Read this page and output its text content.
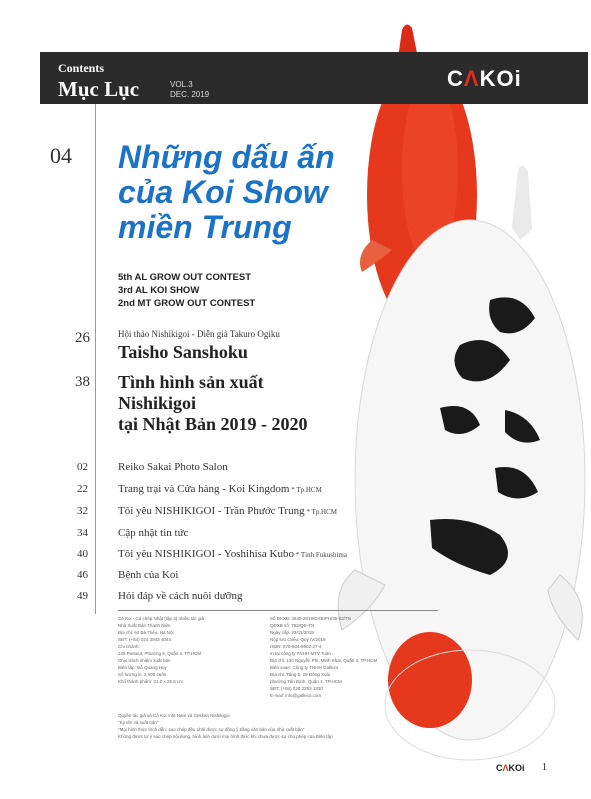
Contents
Mục Lục	VOL.3
DEC. 2019
CɅKOi
04 Những dấu ấn
của Koi Show
miền Trung
5th AL GROW OUT CONTEST
3rd AL KOI SHOW
2nd MT GROW OUT CONTEST
26	Hội thảo Nishikigoi - Diễn giả Takuro Ogiku
Taisho Sanshoku
38 Tình hình sản xuất
Nishikigoi
tại Nhật Bản 2019 - 2020
02	Reiko Sakai Photo Salon
22	Trang trại và Cửa hàng - Koi Kingdom * Tp.HCM
32	Tôi yêu NISHIKIGOI - Trần Phước Trung * Tp.HCM
34	Cập nhật tin tức
40	Tôi yêu NISHIKIGOI - Yoshihisa Kubo * Tỉnh Fukushima
46	Bệnh của Koi
49	Hỏi đáp về cách nuôi dưỡng
Cá Koi - Cá chép Nhật (tập 3) nhiều tác giả
Nhà Xuất Bản Thanh Niên
Địa chỉ: 64 Bà Triệu, Hà Nội
SĐT: (+84) 024 3943 4044
Chi nhánh:
145 Pasteur, Phường 6, Quận 3, TP.HCM
Chịu trách nhiệm xuất bản
Biên tập: Đỗ Quang Huy
Số lượng in: 2 000 cuốn
Khổ thành phẩm: 21.0 x 28.5 cm
Số ĐKXB: 4549-2019/CXBIPH/35-63/TN
QĐXB số: 762/QĐ-TN
Ngày cấp: 22/11/2019
Nộp lưu chiểu: Quý IV/2019
ISBN: 978-604-9902-27-4
In tại công ty TNHH MTV Toàn
Địa chỉ: 130 Nguyễn Phi, Minh Khai, Quận 3, TP.HCM
Biên soạn: Công ty TNHH Gallexo
Địa chỉ: Tầng 5, 29 Đồng Xoài
phường Tân Định, Quận 1, TP.HCM
SĐT: (+84) 028 2253 1330
E-mail: info@gallexo.com
Quyền tác giả và Cá Koi Việt Nam và Gekkan Nishikigoi
"Ký tên và xuất bản"
"Mọi hình thức trích dẫn, sao chép đều phải được sự đồng ý bằng văn bản của nhà xuất bản"
Không được tự ý sao chép nội dung, hình ảnh dưới mọi hình thức khi chưa được sự cho phép của Biên tập
CɅKOi 1
